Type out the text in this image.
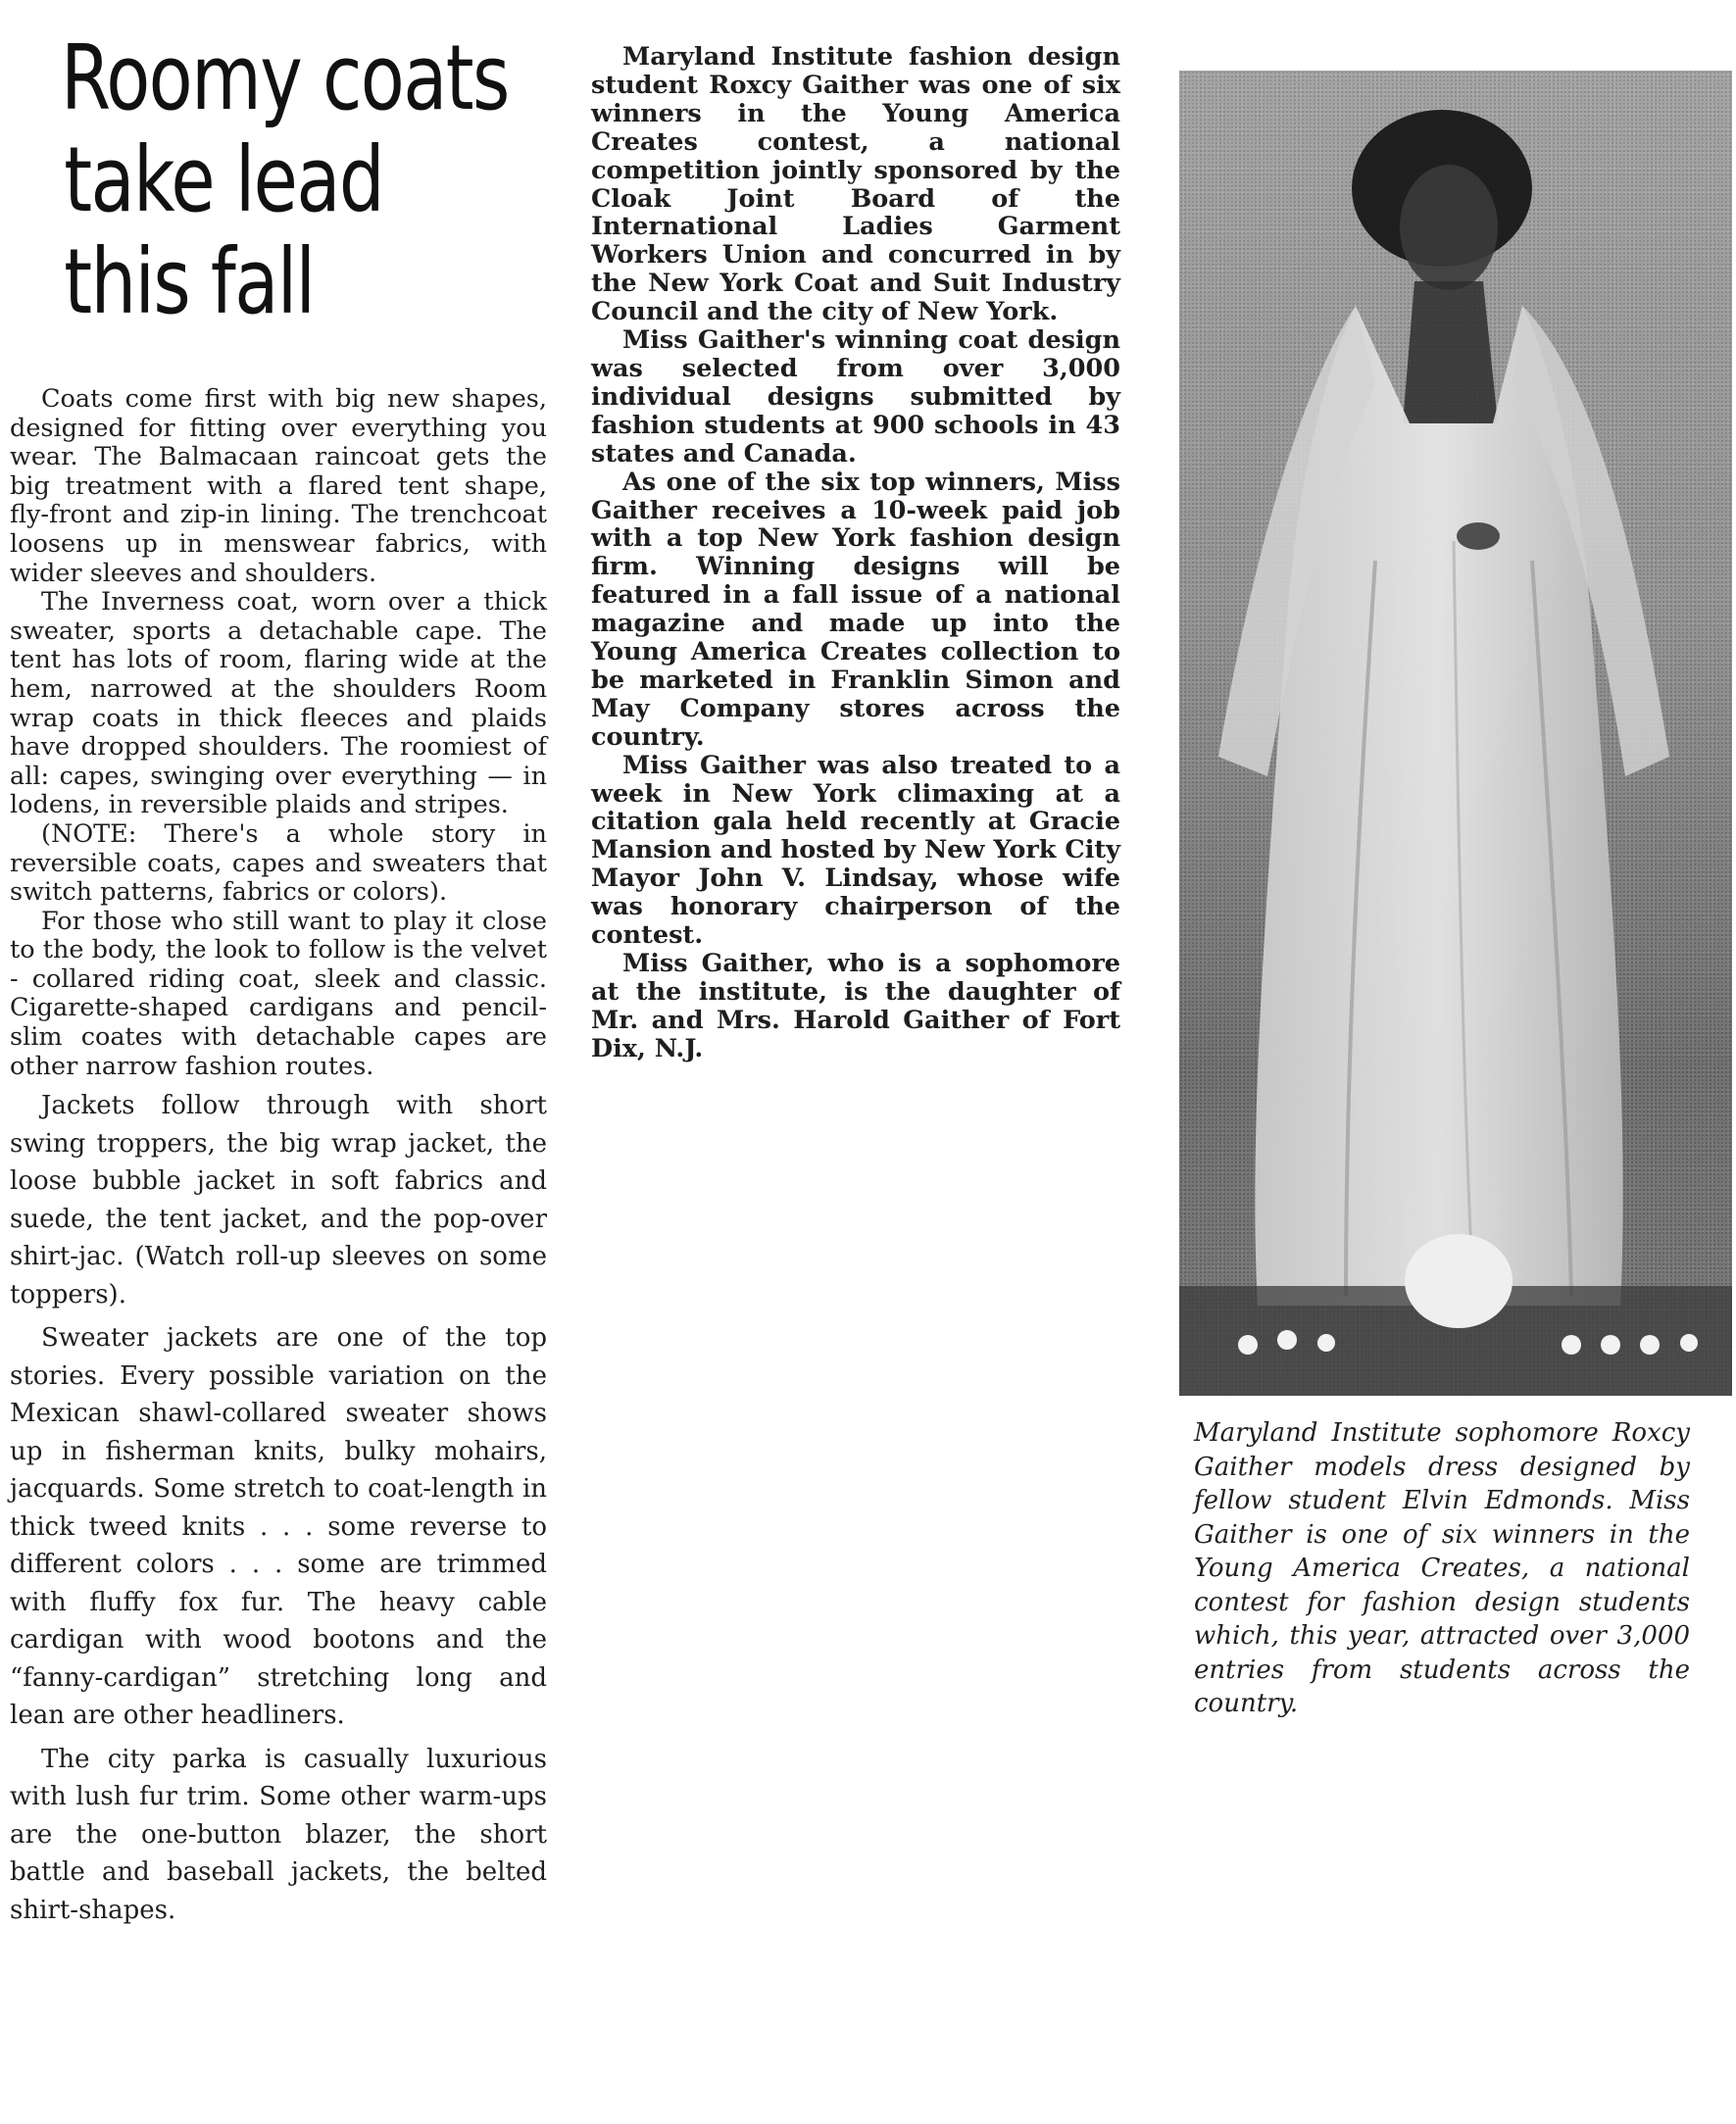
Roomy coats
take lead
this fall

Coats come first with big new shapes, designed for fitting over everything you wear. The Balmacaan raincoat gets the big treatment with a flared tent shape, fly-front and zip-in lining. The trenchcoat loosens up in menswear fabrics, with wider sleeves and shoulders.

The Inverness coat, worn over a thick sweater, sports a detachable cape. The tent has lots of room, flaring wide at the hem, narrowed at the shoulders Room wrap coats in thick fleeces and plaids have dropped shoulders. The roomiest of all: capes, swinging over everything — in lodens, in reversible plaids and stripes.

(NOTE: There's a whole story in reversible coats, capes and sweaters that switch patterns, fabrics or colors).

For those who still want to play it close to the body, the look to follow is the velvet - collared riding coat, sleek and classic. Cigarette-shaped cardigans and pencil-slim coates with detachable capes are other narrow fashion routes.

Jackets follow through with short swing troppers, the big wrap jacket, the loose bubble jacket in soft fabrics and suede, the tent jacket, and the pop-over shirt-jac. (Watch roll-up sleeves on some toppers).

Sweater jackets are one of the top stories. Every possible variation on the Mexican shawl-collared sweater shows up in fisherman knits, bulky mohairs, jacquards. Some stretch to coat-length in thick tweed knits . . . some reverse to different colors . . . some are trimmed with fluffy fox fur. The heavy cable cardigan with wood bootons and the “fanny-cardigan” stretching long and lean are other headliners.

The city parka is casually luxurious with lush fur trim. Some other warm-ups are the one-button blazer, the short battle and baseball jackets, the belted shirt-shapes.

Maryland Institute fashion design student Roxcy Gaither was one of six winners in the Young America Creates contest, a national competition jointly sponsored by the Cloak Joint Board of the International Ladies Garment Workers Union and concurred in by the New York Coat and Suit Industry Council and the city of New York.

Miss Gaither's winning coat design was selected from over 3,000 individual designs submitted by fashion students at 900 schools in 43 states and Canada.

As one of the six top winners, Miss Gaither receives a 10-week paid job with a top New York fashion design firm. Winning designs will be featured in a fall issue of a national magazine and made up into the Young America Creates collection to be marketed in Franklin Simon and May Company stores across the country.

Miss Gaither was also treated to a week in New York climaxing at a citation gala held recently at Gracie Mansion and hosted by New York City Mayor John V. Lindsay, whose wife was honorary chairperson of the contest.

Miss Gaither, who is a sophomore at the institute, is the daughter of Mr. and Mrs. Harold Gaither of Fort Dix, N.J.

Maryland Institute sophomore Roxcy Gaither models dress designed by fellow student Elvin Edmonds. Miss Gaither is one of six winners in the Young America Creates, a national contest for fashion design students which, this year, attracted over 3,000 entries from students across the country.
